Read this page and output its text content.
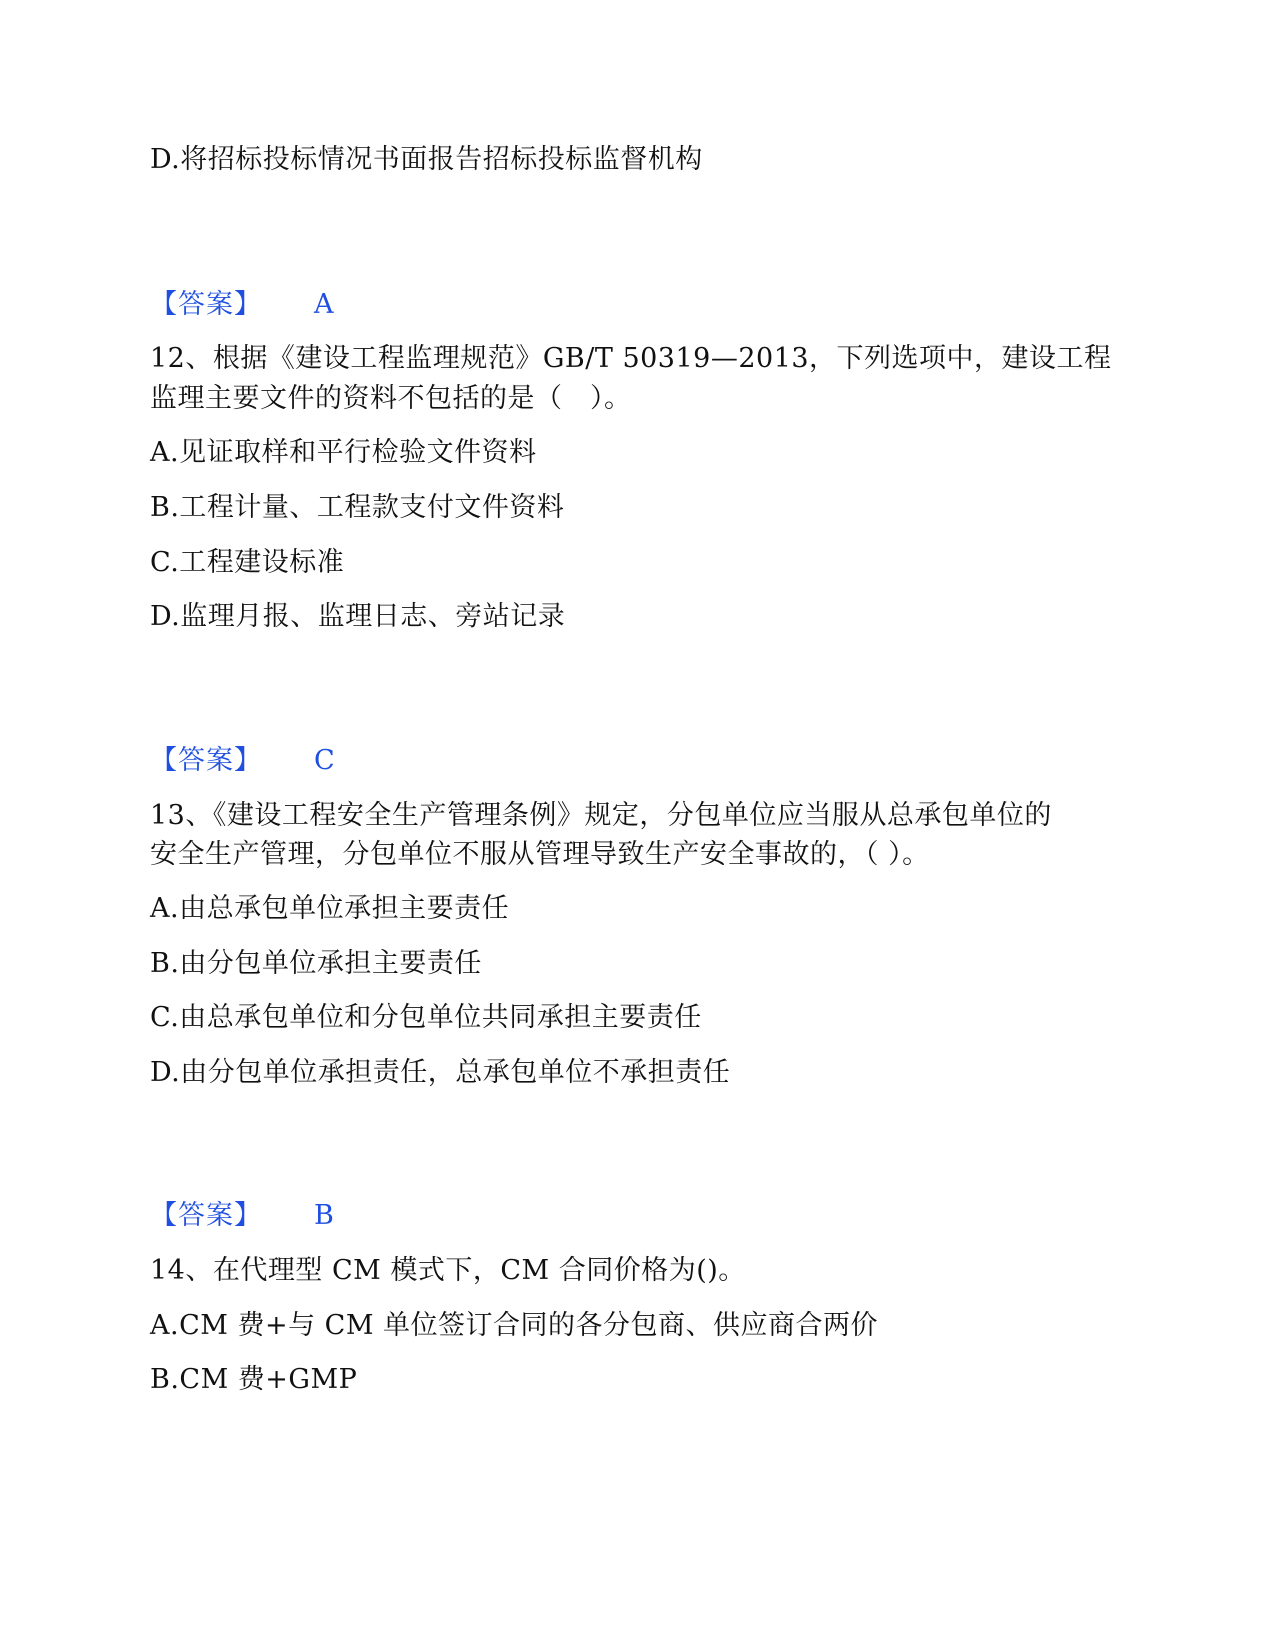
D.将招标投标情况书面报告招标投标监督机构
【答案】 A
12、根据《建设工程监理规范》GB/T 50319—2013，下列选项中，建设工程
监理主要文件的资料不包括的是（　）。
A.见证取样和平行检验文件资料
B.工程计量、工程款支付文件资料
C.工程建设标准
D.监理月报、监理日志、旁站记录
【答案】 C
13、《建设工程安全生产管理条例》规定，分包单位应当服从总承包单位的
安全生产管理，分包单位不服从管理导致生产安全事故的，（ ）。
A.由总承包单位承担主要责任
B.由分包单位承担主要责任
C.由总承包单位和分包单位共同承担主要责任
D.由分包单位承担责任，总承包单位不承担责任
【答案】 B
14、在代理型 CM 模式下，CM 合同价格为()。
A.CM 费+与 CM 单位签订合同的各分包商、供应商合两价
B.CM 费+GMP
